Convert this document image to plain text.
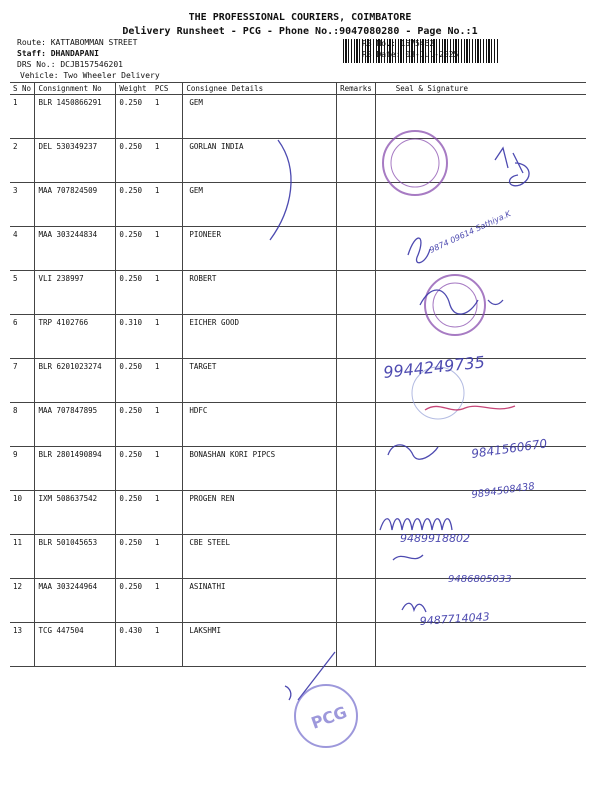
THE PROFESSIONAL COURIERS, COIMBATORE
Delivery Runsheet - PCG - Phone No.:9047080280 - Page No.:1
Route: KATTABOMMAN STREET
Staff: DHANDAPANI
DRS No.: DCJB157546201
Vehicle: Two Wheeler Delivery
RS No.: 1575462
RS Date: 03-Jul-2025
S No	Consignment No	Weight	PCS	Consignee Details	Remarks	Seal & Signature
1	BLR 1450866291	0.250	1	GEM		
2	DEL 530349237	0.250	1	GORLAN INDIA		
3	MAA 707824509	0.250	1	GEM		
4	MAA 303244834	0.250	1	PIONEER		
5	VLI 238997	0.250	1	ROBERT		
6	TRP 4102766	0.310	1	EICHER GOOD		
7	BLR 6201023274	0.250	1	TARGET		
8	MAA 707847895	0.250	1	HDFC		
9	BLR 2801490894	0.250	1	BONASHAN KORI PIPCS		
10	IXM 508637542	0.250	1	PROGEN REN		
11	BLR 501045653	0.250	1	CBE STEEL		
12	MAA 303244964	0.250	1	ASINATHI		
13	TCG 447504	0.430	1	LAKSHMI		
PCG
9874 09614 Sathiya.K
9944249735
9841560670
9894508438
9489918802
9486805033
9487714043
